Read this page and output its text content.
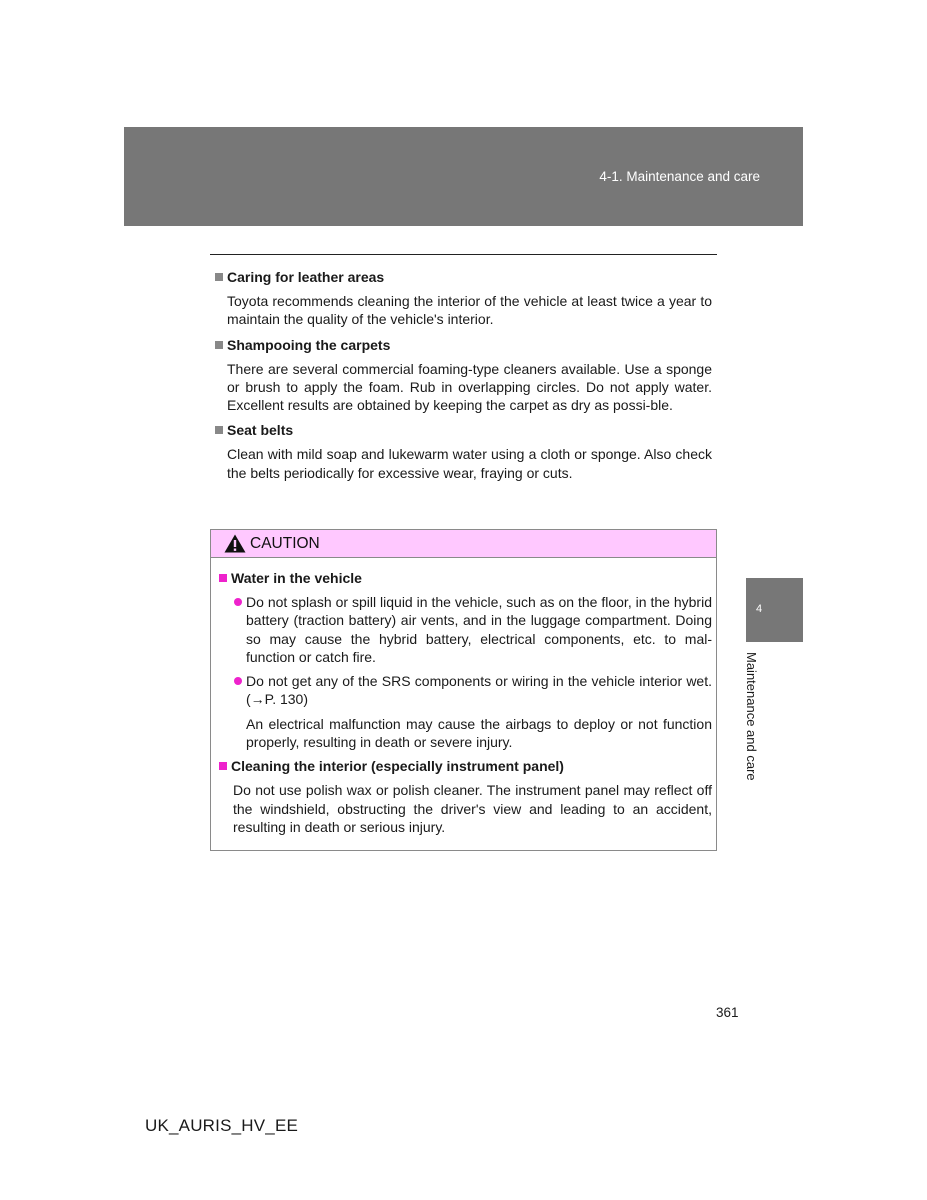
4-1. Maintenance and care
Caring for leather areas

Toyota recommends cleaning the interior of the vehicle at least twice a year to maintain the quality of the vehicle's interior.

Shampooing the carpets

There are several commercial foaming-type cleaners available. Use a sponge or brush to apply the foam. Rub in overlapping circles. Do not apply water. Excellent results are obtained by keeping the carpet as dry as possi-ble.

Seat belts

Clean with mild soap and lukewarm water using a cloth or sponge. Also check the belts periodically for excessive wear, fraying or cuts.

CAUTION
Water in the vehicle
Do not splash or spill liquid in the vehicle, such as on the floor, in the hybrid battery (traction battery) air vents, and in the luggage compartment. Doing so may cause the hybrid battery, electrical components, etc. to mal-function or catch fire.
Do not get any of the SRS components or wiring in the vehicle interior wet. (→P. 130)

An electrical malfunction may cause the airbags to deploy or not function properly, resulting in death or severe injury.

Cleaning the interior (especially instrument panel)

Do not use polish wax or polish cleaner. The instrument panel may reflect off the windshield, obstructing the driver's view and leading to an accident, resulting in death or serious injury.

4
Maintenance and care
361
UK_AURIS_HV_EE
